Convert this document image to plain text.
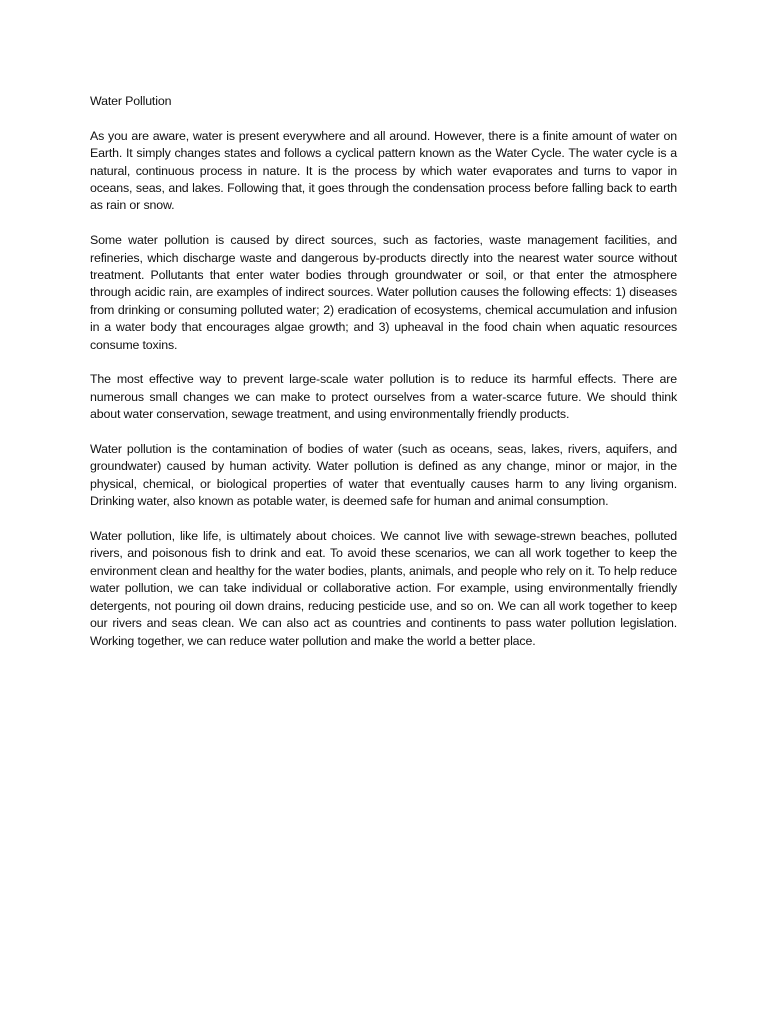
Water Pollution

As you are aware, water is present everywhere and all around. However, there is a finite amount of water on Earth. It simply changes states and follows a cyclical pattern known as the Water Cycle. The water cycle is a natural, continuous process in nature. It is the process by which water evaporates and turns to vapor in oceans, seas, and lakes. Following that, it goes through the condensation process before falling back to earth as rain or snow.

Some water pollution is caused by direct sources, such as factories, waste management facilities, and refineries, which discharge waste and dangerous by-products directly into the nearest water source without treatment. Pollutants that enter water bodies through groundwater or soil, or that enter the atmosphere through acidic rain, are examples of indirect sources. Water pollution causes the following effects: 1) diseases from drinking or consuming polluted water; 2) eradication of ecosystems, chemical accumulation and infusion in a water body that encourages algae growth; and 3) upheaval in the food chain when aquatic resources consume toxins.

The most effective way to prevent large-scale water pollution is to reduce its harmful effects. There are numerous small changes we can make to protect ourselves from a water-scarce future. We should think about water conservation, sewage treatment, and using environmentally friendly products.

Water pollution is the contamination of bodies of water (such as oceans, seas, lakes, rivers, aquifers, and groundwater) caused by human activity. Water pollution is defined as any change, minor or major, in the physical, chemical, or biological properties of water that eventually causes harm to any living organism. Drinking water, also known as potable water, is deemed safe for human and animal consumption.

Water pollution, like life, is ultimately about choices. We cannot live with sewage-strewn beaches, polluted rivers, and poisonous fish to drink and eat. To avoid these scenarios, we can all work together to keep the environment clean and healthy for the water bodies, plants, animals, and people who rely on it. To help reduce water pollution, we can take individual or collaborative action. For example, using environmentally friendly detergents, not pouring oil down drains, reducing pesticide use, and so on. We can all work together to keep our rivers and seas clean. We can also act as countries and continents to pass water pollution legislation. Working together, we can reduce water pollution and make the world a better place.
